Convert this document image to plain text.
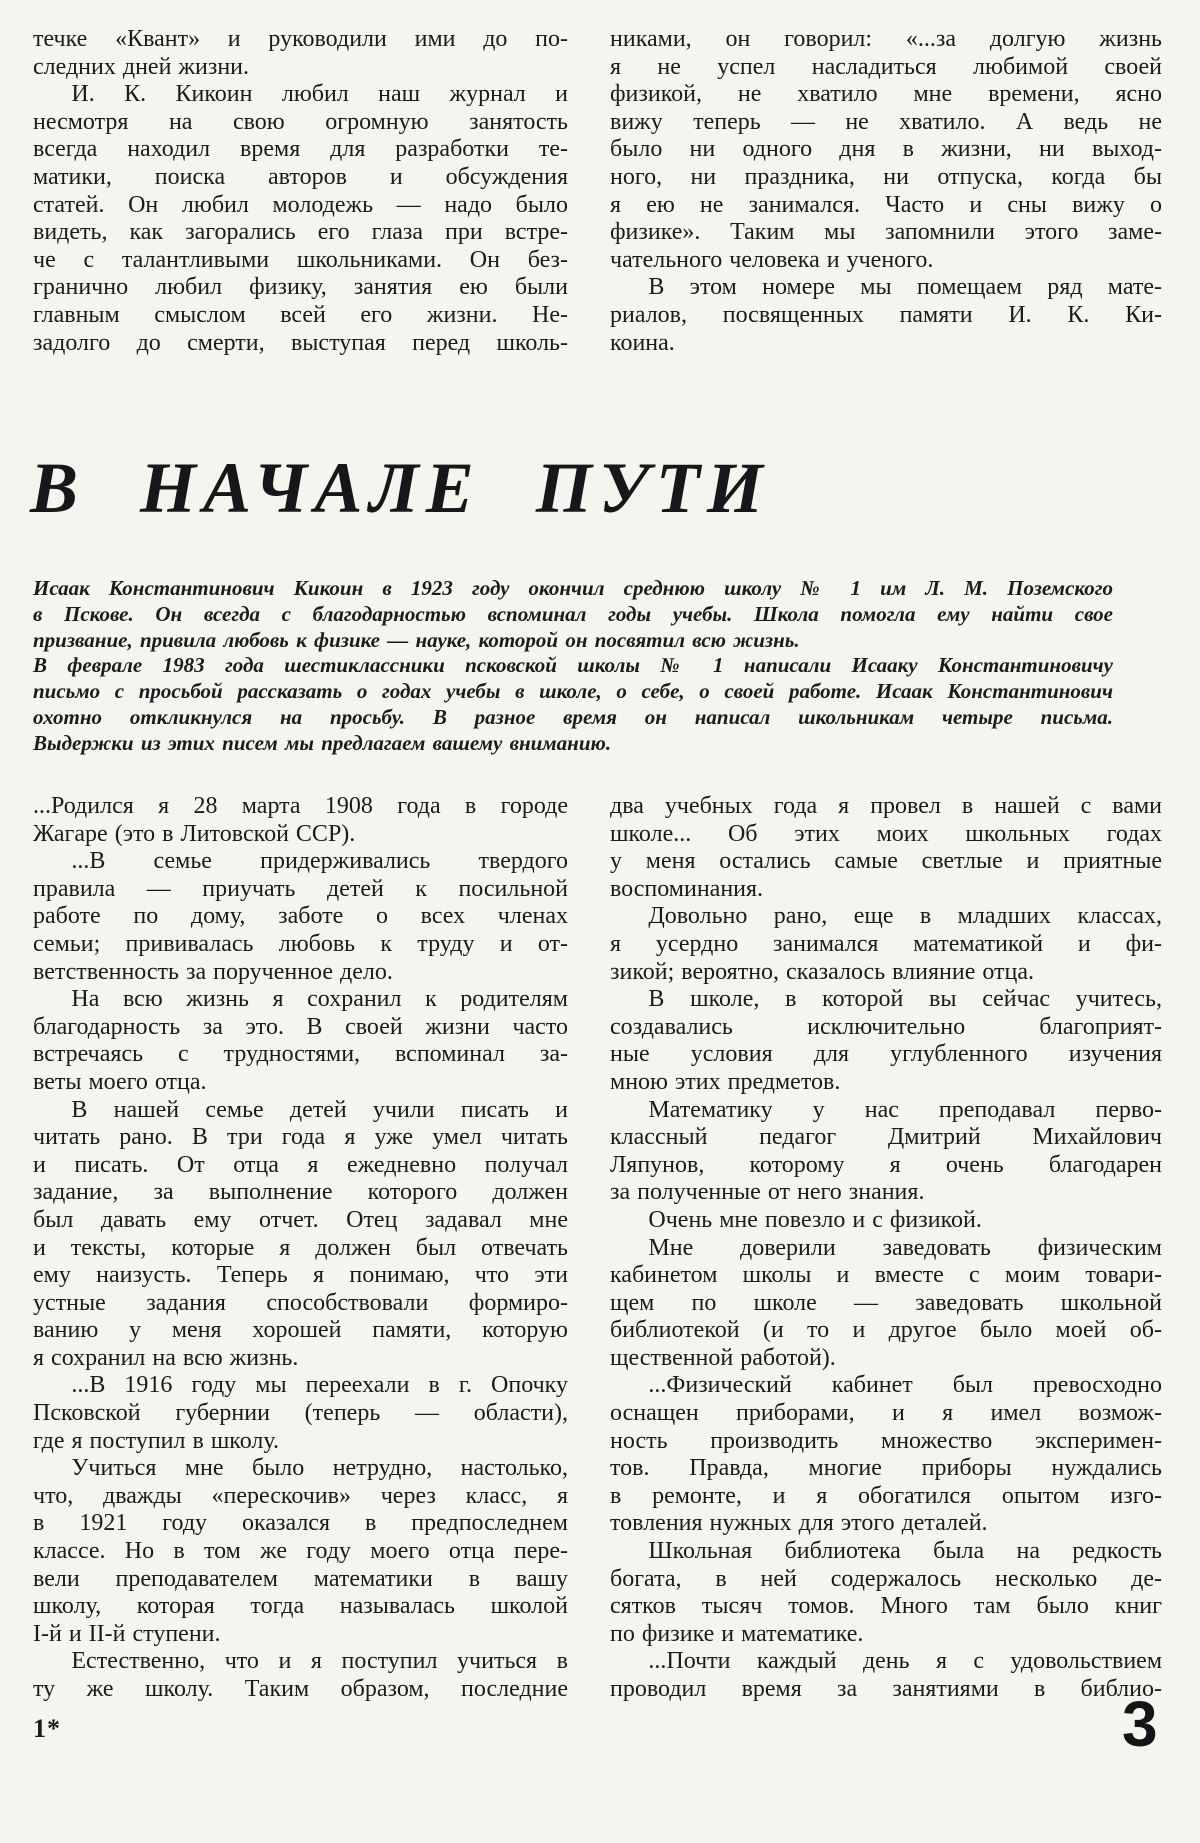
течке «Квант» и руководили ими до по-
следних дней жизни.
И. К. Кикоин любил наш журнал и
несмотря на свою огромную занятость
всегда находил время для разработки те-
матики, поиска авторов и обсуждения
статей. Он любил молодежь — надо было
видеть, как загорались его глаза при встре-
че с талантливыми школьниками. Он без-
гранично любил физику, занятия ею были
главным смыслом всей его жизни. Не-
задолго до смерти, выступая перед школь-
никами, он говорил: «...за долгую жизнь
я не успел насладиться любимой своей
физикой, не хватило мне времени, ясно
вижу теперь — не хватило. А ведь не
было ни одного дня в жизни, ни выход-
ного, ни праздника, ни отпуска, когда бы
я ею не занимался. Часто и сны вижу о
физике». Таким мы запомнили этого заме-
чательного человека и ученого.
В этом номере мы помещаем ряд мате-
риалов, посвященных памяти И. К. Ки-
коина.
В НАЧАЛЕ ПУТИ
Исаак Константинович Кикоин в 1923 году окончил среднюю школу № 1 им Л. М. Поземского
в Пскове. Он всегда с благодарностью вспоминал годы учебы. Школа помогла ему найти свое
призвание, привила любовь к физике — науке, которой он посвятил всю жизнь.
В феврале 1983 года шестиклассники псковской школы № 1 написали Исааку Константиновичу
письмо с просьбой рассказать о годах учебы в школе, о себе, о своей работе. Исаак Константинович
охотно откликнулся на просьбу. В разное время он написал школьникам четыре письма.
Выдержки из этих писем мы предлагаем вашему вниманию.
...Родился я 28 марта 1908 года в городе
Жагаре (это в Литовской ССР).
...В семье придерживались твердого
правила — приучать детей к посильной
работе по дому, заботе о всех членах
семьи; прививалась любовь к труду и от-
ветственность за порученное дело.
На всю жизнь я сохранил к родителям
благодарность за это. В своей жизни часто
встречаясь с трудностями, вспоминал за-
веты моего отца.
В нашей семье детей учили писать и
читать рано. В три года я уже умел читать
и писать. От отца я ежедневно получал
задание, за выполнение которого должен
был давать ему отчет. Отец задавал мне
и тексты, которые я должен был отвечать
ему наизусть. Теперь я понимаю, что эти
устные задания способствовали формиро-
ванию у меня хорошей памяти, которую
я сохранил на всю жизнь.
...В 1916 году мы переехали в г. Опочку
Псковской губернии (теперь — области),
где я поступил в школу.
Учиться мне было нетрудно, настолько,
что, дважды «перескочив» через класс, я
в 1921 году оказался в предпоследнем
классе. Но в том же году моего отца пере-
вели преподавателем математики в вашу
школу, которая тогда называлась школой
I-й и II-й ступени.
Естественно, что и я поступил учиться в
ту же школу. Таким образом, последние
два учебных года я провел в нашей с вами
школе... Об этих моих школьных годах
у меня остались самые светлые и приятные
воспоминания.
Довольно рано, еще в младших классах,
я усердно занимался математикой и фи-
зикой; вероятно, сказалось влияние отца.
В школе, в которой вы сейчас учитесь,
создавались исключительно благоприят-
ные условия для углубленного изучения
мною этих предметов.
Математику у нас преподавал перво-
классный педагог Дмитрий Михайлович
Ляпунов, которому я очень благодарен
за полученные от него знания.
Очень мне повезло и с физикой.
Мне доверили заведовать физическим
кабинетом школы и вместе с моим товари-
щем по школе — заведовать школьной
библиотекой (и то и другое было моей об-
щественной работой).
...Физический кабинет был превосходно
оснащен приборами, и я имел возмож-
ность производить множество эксперимен-
тов. Правда, многие приборы нуждались
в ремонте, и я обогатился опытом изго-
товления нужных для этого деталей.
Школьная библиотека была на редкость
богата, в ней содержалось несколько де-
сятков тысяч томов. Много там было книг
по физике и математике.
...Почти каждый день я с удовольствием
проводил время за занятиями в библио-
1*	3
